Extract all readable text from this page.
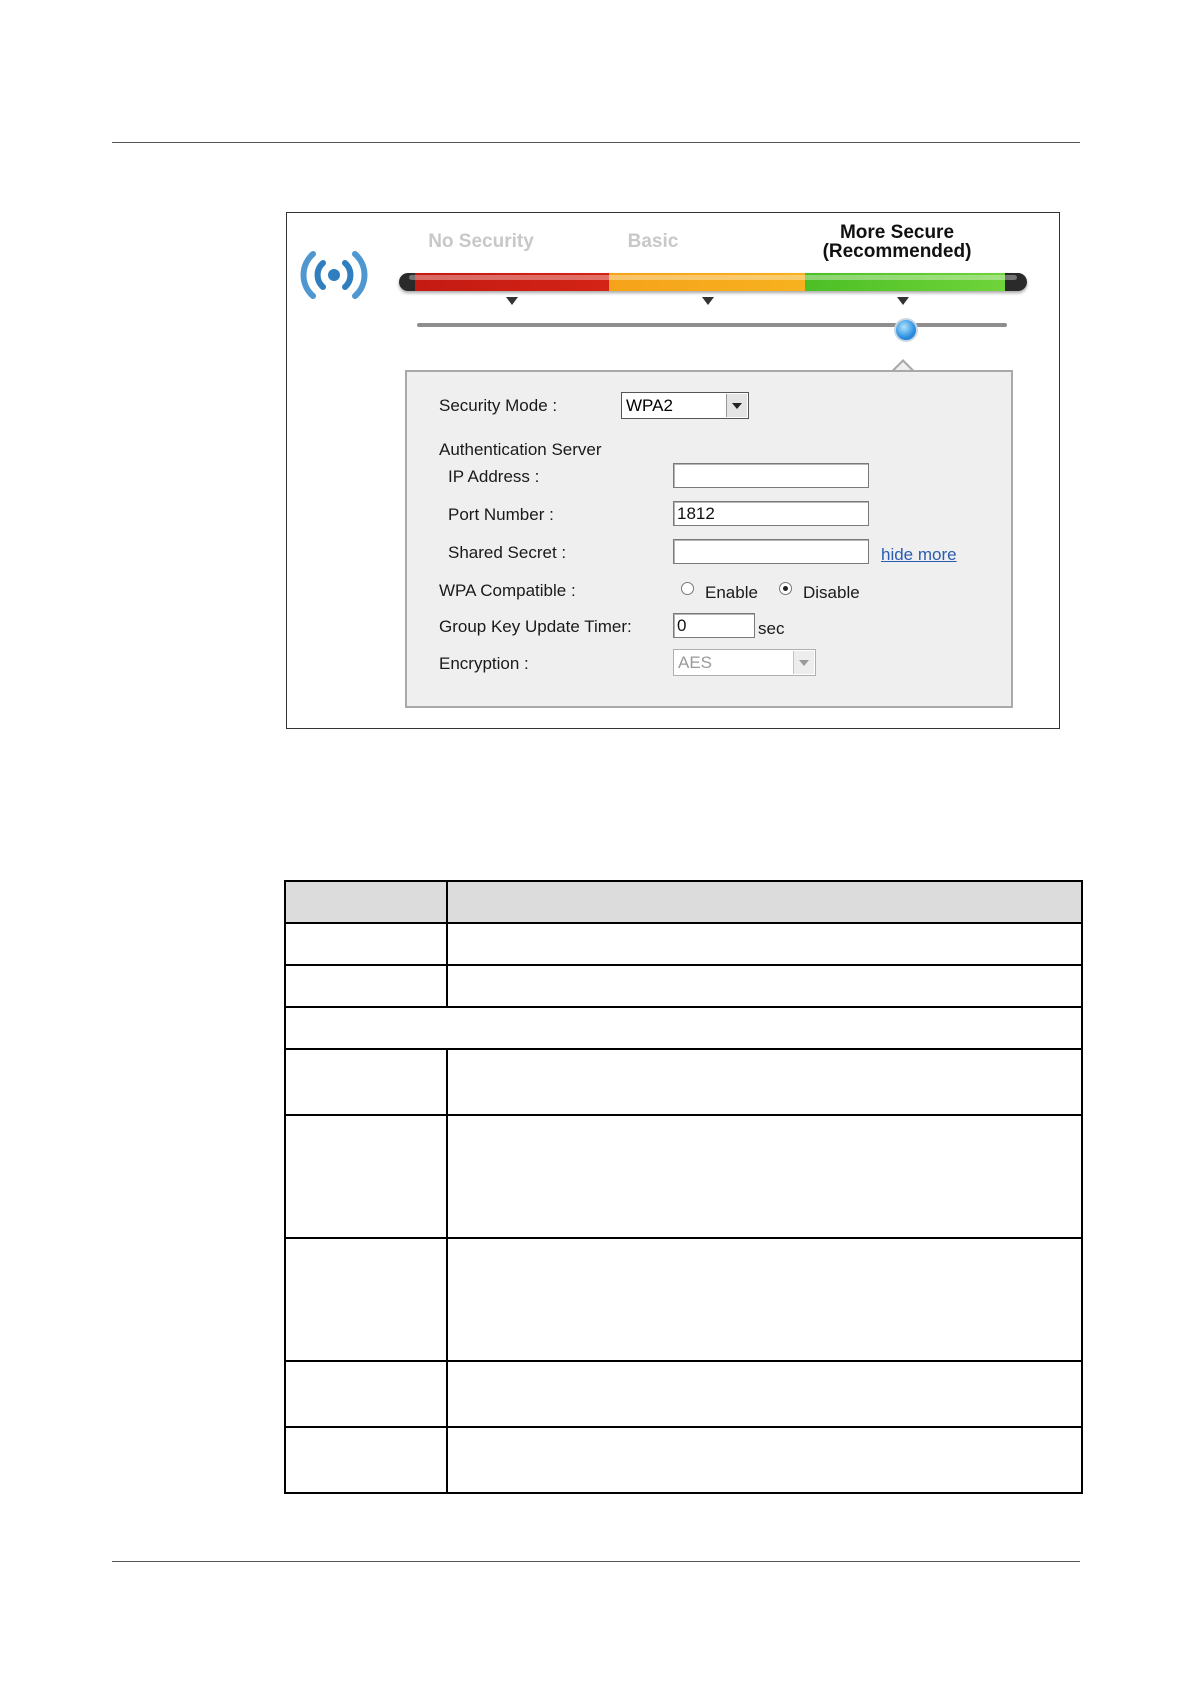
No Security	Basic	More Secure
(Recommended)
Security Mode :	WPA2
Authentication Server
IP Address :
Port Number :	1812
Shared Secret :	hide more
WPA Compatible :	Enable	Disable
Group Key Update Timer:	0	sec
Encryption :	AES
